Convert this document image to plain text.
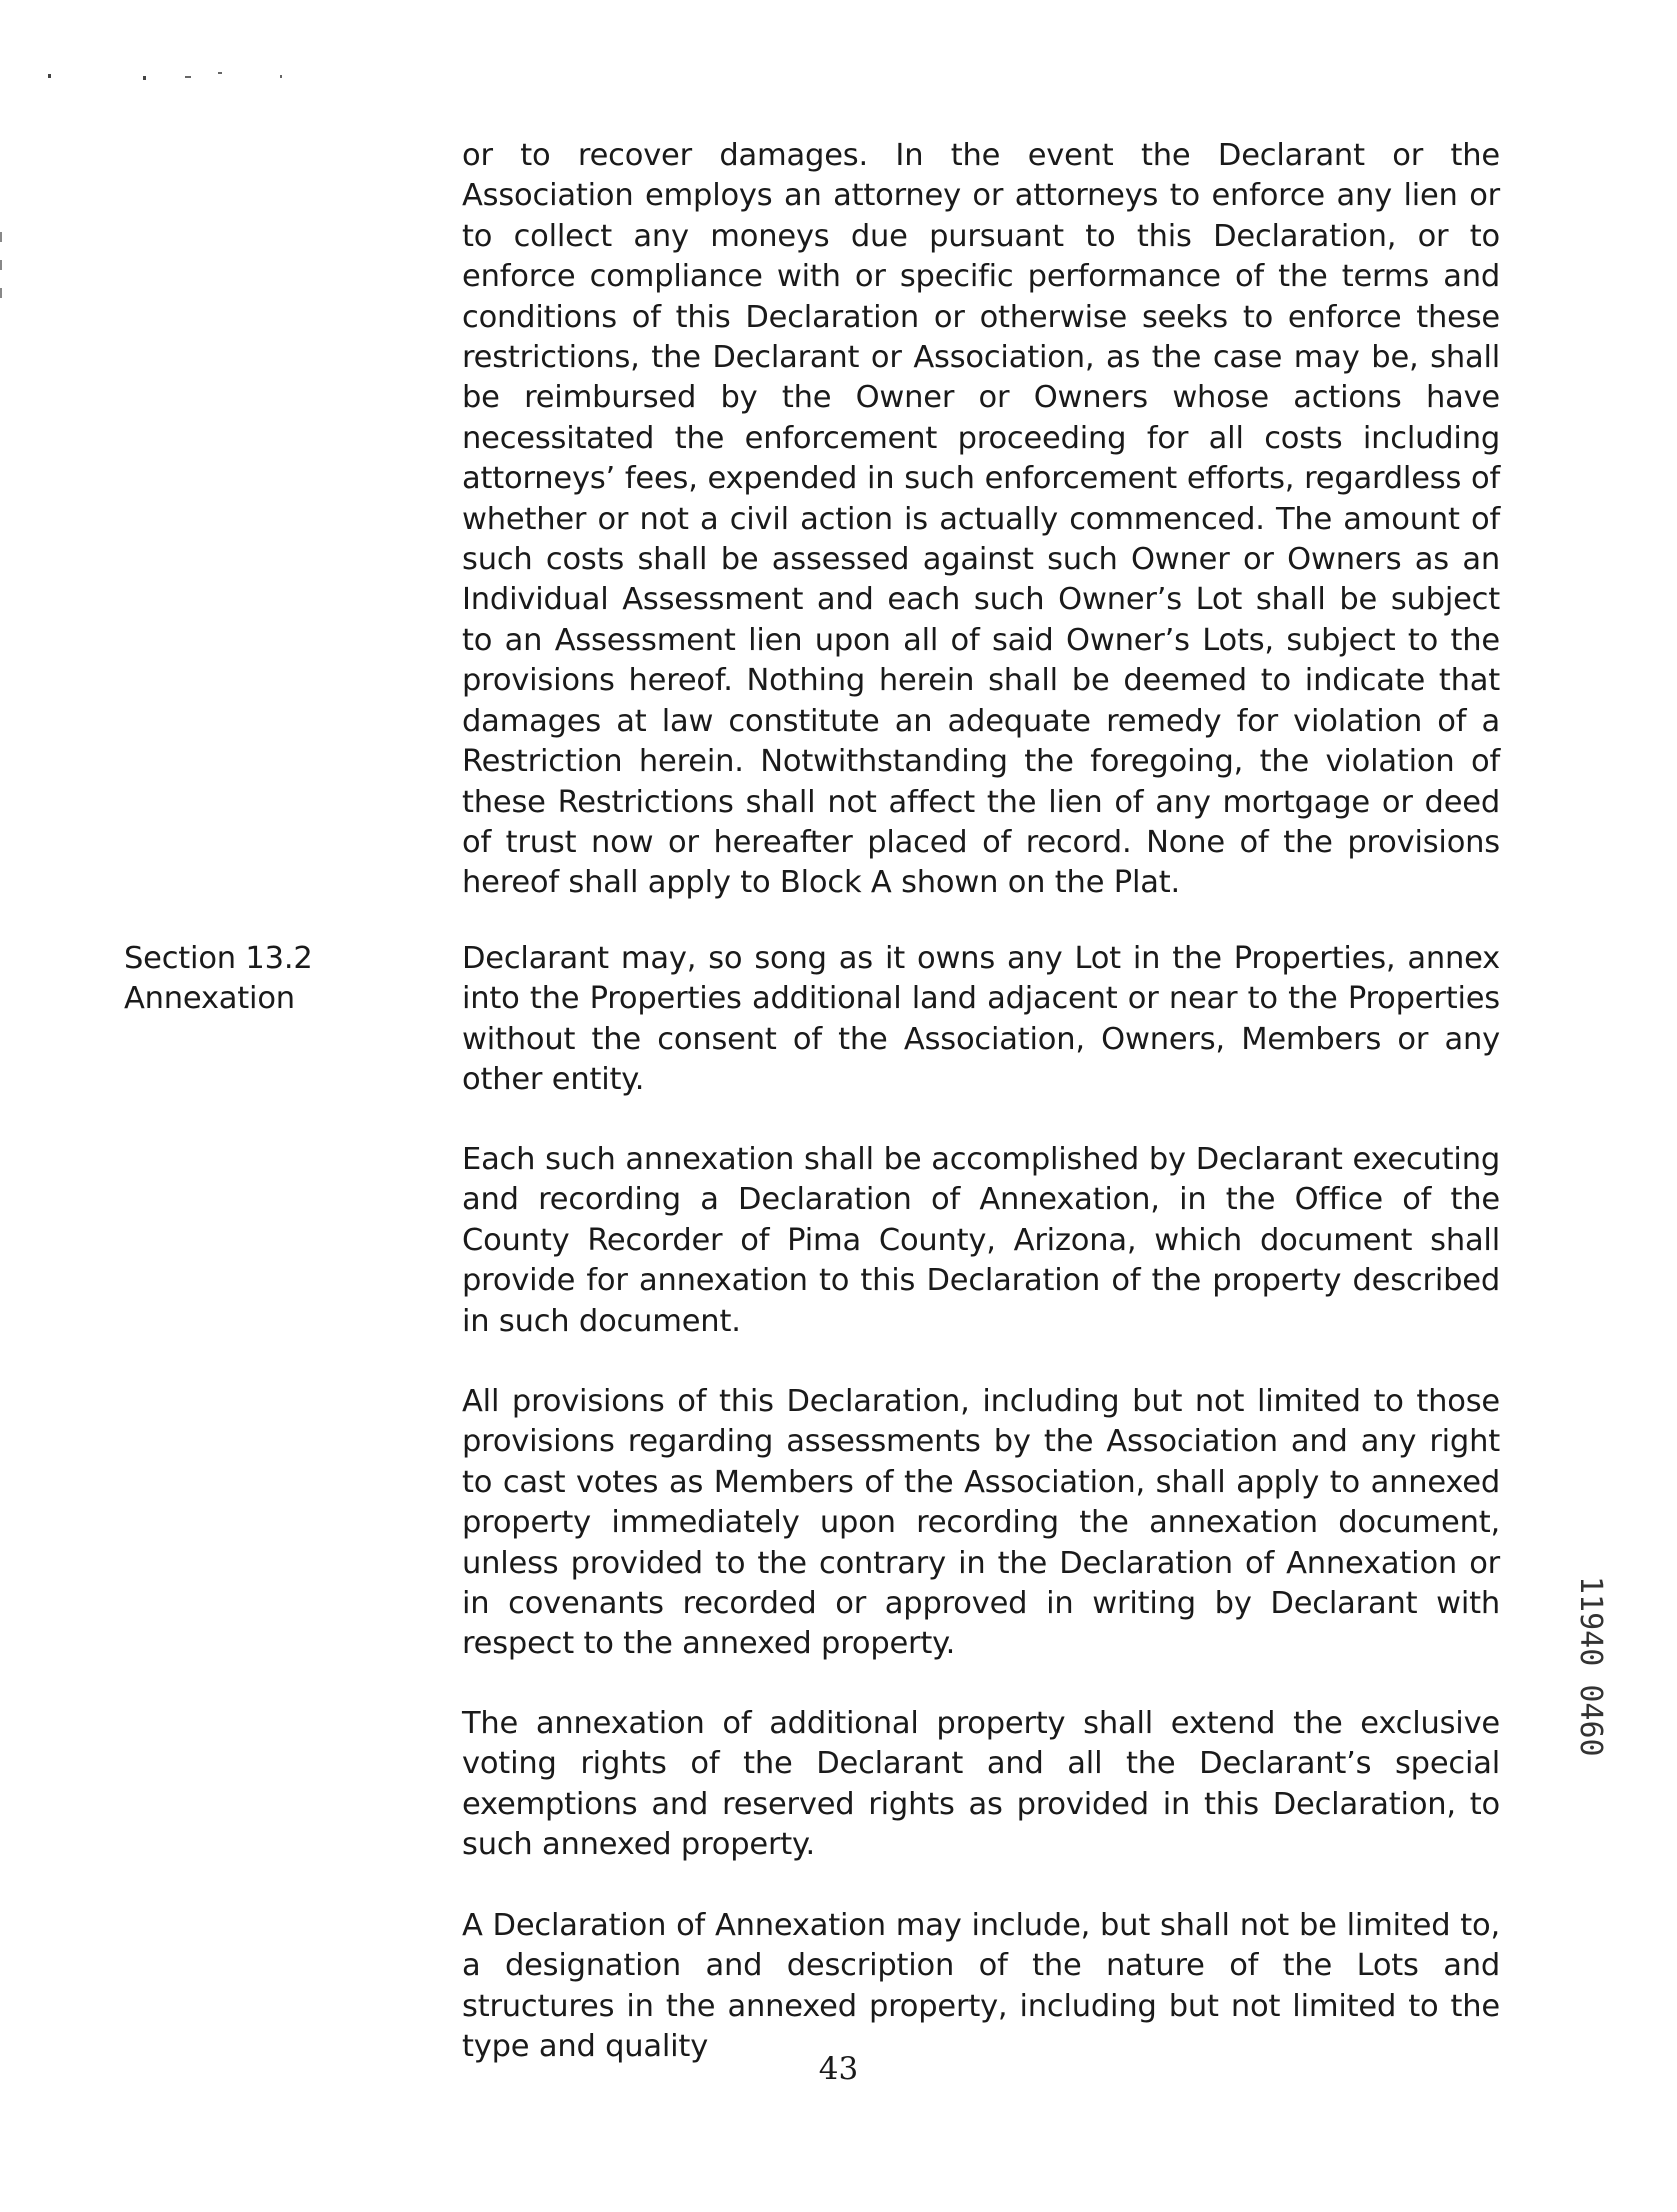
or to recover damages. In the event the Declarant or the Association employs an attorney or attorneys to enforce any lien or to collect any moneys due pursuant to this Declaration, or to enforce compliance with or specific performance of the terms and conditions of this Declaration or otherwise seeks to enforce these restrictions, the Declarant or Association, as the case may be, shall be reimbursed by the Owner or Owners whose actions have necessitated the enforcement proceeding for all costs including attorneys’ fees, expended in such enforcement efforts, regardless of whether or not a civil action is actually commenced. The amount of such costs shall be assessed against such Owner or Owners as an Individual Assessment and each such Owner’s Lot shall be subject to an Assessment lien upon all of said Owner’s Lots, subject to the provisions hereof. Nothing herein shall be deemed to indicate that damages at law constitute an adequate remedy for violation of a Restriction herein. Notwithstanding the foregoing, the violation of these Restrictions shall not affect the lien of any mortgage or deed of trust now or hereafter placed of record. None of the provisions hereof shall apply to Block A shown on the Plat.

Section 13.2
Annexation

Declarant may, so song as it owns any Lot in the Properties, annex into the Properties additional land adjacent or near to the Properties without the consent of the Association, Owners, Members or any other entity.

Each such annexation shall be accomplished by Declarant executing and recording a Declaration of Annexation, in the Office of the County Recorder of Pima County, Arizona, which document shall provide for annexation to this Declaration of the property described in such document.

All provisions of this Declaration, including but not limited to those provisions regarding assessments by the Association and any right to cast votes as Members of the Association, shall apply to annexed property immediately upon recording the annexation document, unless provided to the contrary in the Declaration of Annexation or in covenants recorded or approved in writing by Declarant with respect to the annexed property.

The annexation of additional property shall extend the exclusive voting rights of the Declarant and all the Declarant’s special exemptions and reserved rights as provided in this Declaration, to such annexed property.

A Declaration of Annexation may include, but shall not be limited to, a designation and description of the nature of the Lots and structures in the annexed property, including but not limited to the type and quality

43
11940 0460
